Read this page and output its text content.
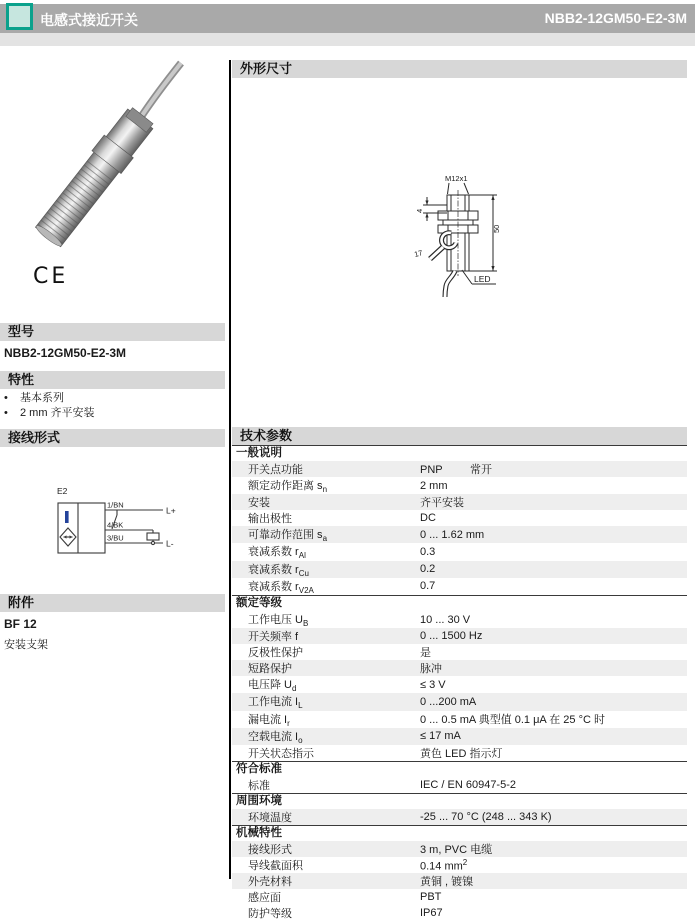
电感式接近开关	NBB2-12GM50-E2-3M
CE
型号
NBB2-12GM50-E2-3M
特性
• 基本系列
• 2 mm 齐平安装
接线形式
E2
1/BN
4/BK
3/BU
L+
L-
附件
BF 12
安装支架
外形尺寸
M12x1
4
50
17
LED
技术参数
一般说明
开关点功能	PNP 常开
额定动作距离 $s_n$	2 mm
安装	齐平安装
输出极性	DC
可靠动作范围 $s_a$	0 ... 1.62 mm
衰减系数 $r_{Al}$	0.3
衰减系数 $r_{Cu}$	0.2
衰减系数 $r_{V2A}$	0.7
额定等级
工作电压 $U_B$	10 ... 30 V
开关频率 f	0 ... 1500 Hz
反极性保护	是
短路保护	脉冲
电压降 $U_d$	≤ 3 V
工作电流 $I_L$	0 ...200 mA
漏电流 $I_r$	0 ... 0.5 mA 典型值 0.1 μA 在 25 °C 时
空载电流 $I_o$	≤ 17 mA
开关状态指示	黄色 LED 指示灯
符合标准
标准	IEC / EN 60947-5-2
周围环境
环境温度	-25 ... 70 °C (248 ... 343 K)
机械特性
接线形式	3 m, PVC 电缆
导线截面积	0.14 $mm^2$
外壳材料	黄铜 , 镀镍
感应面	PBT
防护等级	IP67
